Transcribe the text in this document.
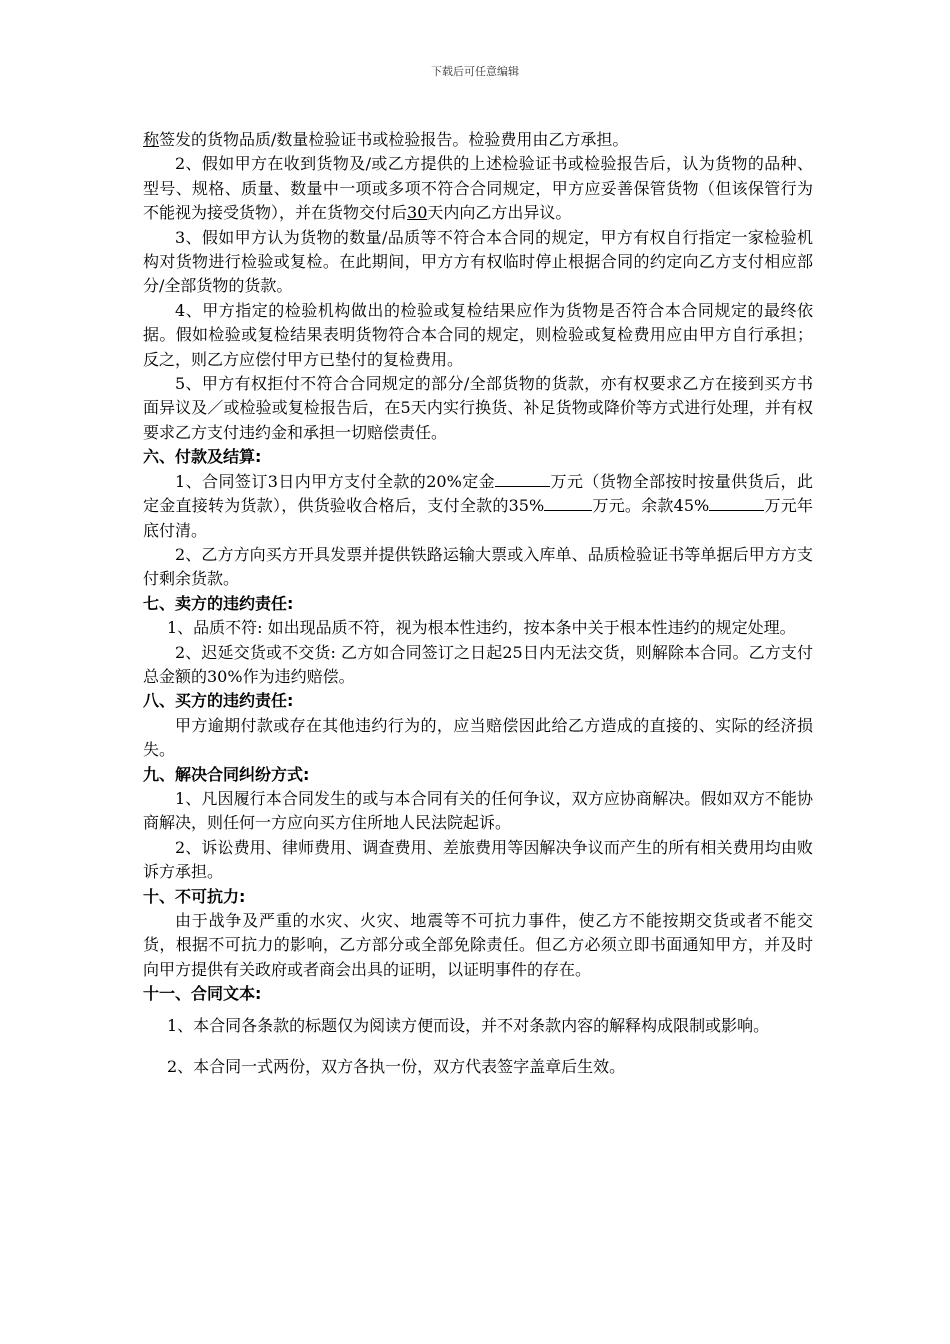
下载后可任意编辑

称签发的货物品质/数量检验证书或检验报告。检验费用由乙方承担。

2、假如甲方在收到货物及/或乙方提供的上述检验证书或检验报告后，认为货物的品种、型号、规格、质量、数量中一项或多项不符合合同规定，甲方应妥善保管货物（但该保管行为不能视为接受货物），并在货物交付后30天内向乙方出异议。

3、假如甲方认为货物的数量/品质等不符合本合同的规定，甲方有权自行指定一家检验机构对货物进行检验或复检。在此期间，甲方方有权临时停止根据合同的约定向乙方支付相应部分/全部货物的货款。

4、甲方指定的检验机构做出的检验或复检结果应作为货物是否符合本合同规定的最终依据。假如检验或复检结果表明货物符合本合同的规定，则检验或复检费用应由甲方自行承担；反之，则乙方应偿付甲方已垫付的复检费用。

5、甲方有权拒付不符合合同规定的部分/全部货物的货款，亦有权要求乙方在接到买方书面异议及／或检验或复检报告后，在5天内实行换货、补足货物或降价等方式进行处理，并有权要求乙方支付违约金和承担一切赔偿责任。

六、付款及结算:

1、合同签订3日内甲方支付全款的20%定金	万元（货物全部按时按量供货后，此定金直接转为货款），供货验收合格后，支付全款的35%	万元。余款45%	万元年底付清。

2、乙方方向买方开具发票并提供铁路运输大票或入库单、品质检验证书等单据后甲方方支付剩余货款。

七、卖方的违约责任:

1、品质不符: 如出现品质不符，视为根本性违约，按本条中关于根本性违约的规定处理。

2、迟延交货或不交货: 乙方如合同签订之日起25日内无法交货，则解除本合同。乙方支付总金额的30%作为违约赔偿。

八、买方的违约责任:

甲方逾期付款或存在其他违约行为的，应当赔偿因此给乙方造成的直接的、实际的经济损失。

九、解决合同纠纷方式:

1、凡因履行本合同发生的或与本合同有关的任何争议，双方应协商解决。假如双方不能协商解决，则任何一方应向买方住所地人民法院起诉。

2、诉讼费用、律师费用、调查费用、差旅费用等因解决争议而产生的所有相关费用均由败诉方承担。

十、不可抗力:

由于战争及严重的水灾、火灾、地震等不可抗力事件，使乙方不能按期交货或者不能交货，根据不可抗力的影响，乙方部分或全部免除责任。但乙方必须立即书面通知甲方，并及时向甲方提供有关政府或者商会出具的证明，以证明事件的存在。

十一、合同文本:

1、本合同各条款的标题仅为阅读方便而设，并不对条款内容的解释构成限制或影响。

2、本合同一式两份，双方各执一份，双方代表签字盖章后生效。
